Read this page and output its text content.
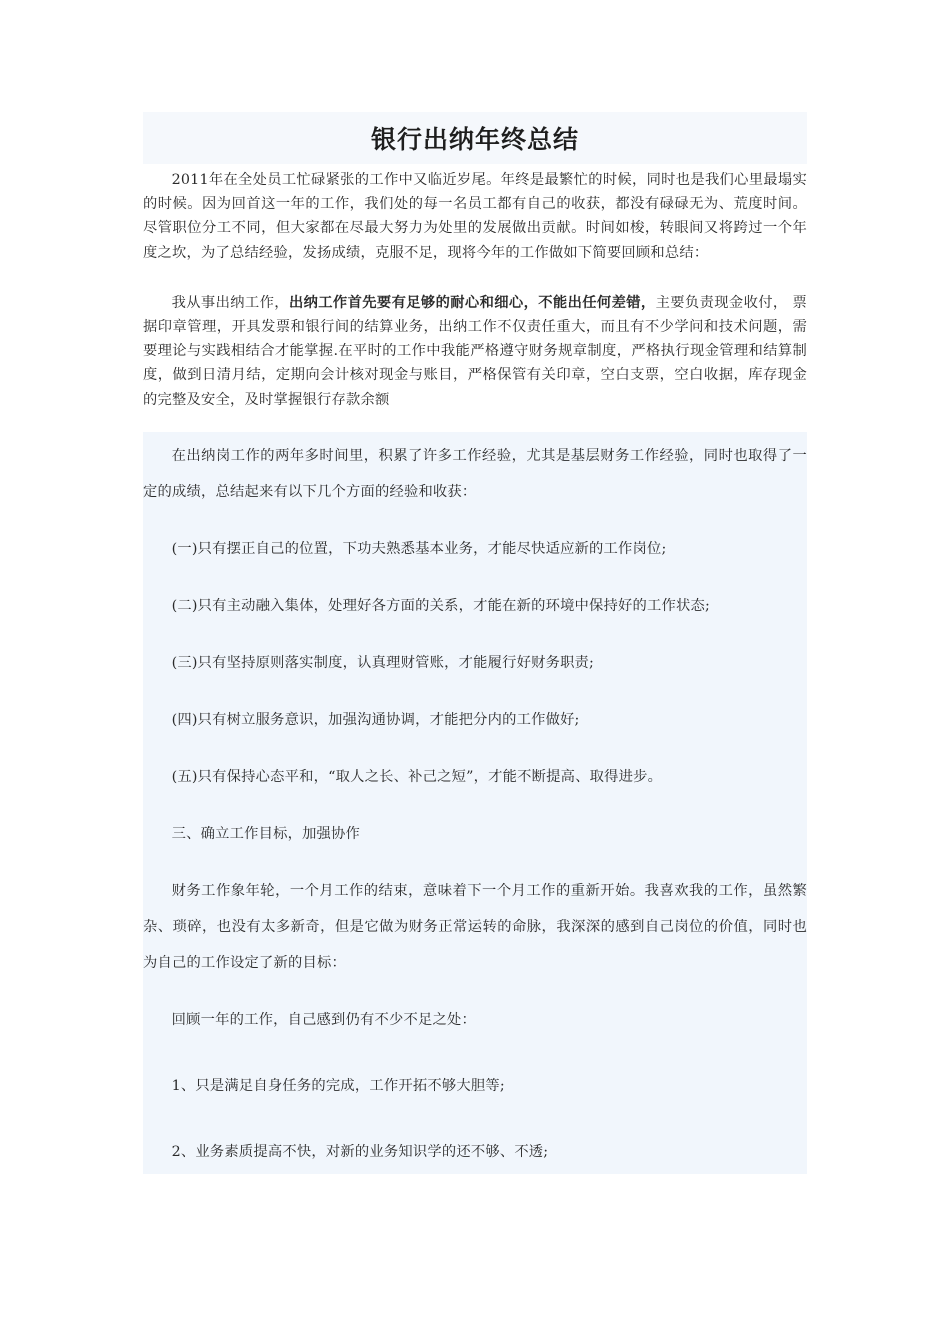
银行出纳年终总结

2011年在全处员工忙碌紧张的工作中又临近岁尾。年终是最繁忙的时候，同时也是我们心里最塌实的时候。因为回首这一年的工作，我们处的每一名员工都有自己的收获，都没有碌碌无为、荒度时间。尽管职位分工不同，但大家都在尽最大努力为处里的发展做出贡献。时间如梭，转眼间又将跨过一个年度之坎，为了总结经验，发扬成绩，克服不足，现将今年的工作做如下简要回顾和总结：

我从事出纳工作，出纳工作首先要有足够的耐心和细心，不能出任何差错，主要负责现金收付， 票据印章管理，开具发票和银行间的结算业务，出纳工作不仅责任重大，而且有不少学问和技术问题，需要理论与实践相结合才能掌握.在平时的工作中我能严格遵守财务规章制度，严格执行现金管理和结算制度，做到日清月结，定期向会计核对现金与账目，严格保管有关印章，空白支票，空白收据，库存现金的完整及安全，及时掌握银行存款余额

在出纳岗工作的两年多时间里，积累了许多工作经验，尤其是基层财务工作经验，同时也取得了一定的成绩，总结起来有以下几个方面的经验和收获：

(一)只有摆正自己的位置，下功夫熟悉基本业务，才能尽快适应新的工作岗位;

(二)只有主动融入集体，处理好各方面的关系，才能在新的环境中保持好的工作状态;

(三)只有坚持原则落实制度，认真理财管账，才能履行好财务职责;

(四)只有树立服务意识，加强沟通协调，才能把分内的工作做好;

(五)只有保持心态平和，“取人之长、补己之短”，才能不断提高、取得进步。

三、确立工作目标，加强协作

财务工作象年轮，一个月工作的结束，意味着下一个月工作的重新开始。我喜欢我的工作，虽然繁杂、琐碎，也没有太多新奇，但是它做为财务正常运转的命脉，我深深的感到自己岗位的价值，同时也为自己的工作设定了新的目标：

回顾一年的工作，自己感到仍有不少不足之处：

1、只是满足自身任务的完成，工作开拓不够大胆等;

2、业务素质提高不快，对新的业务知识学的还不够、不透;
